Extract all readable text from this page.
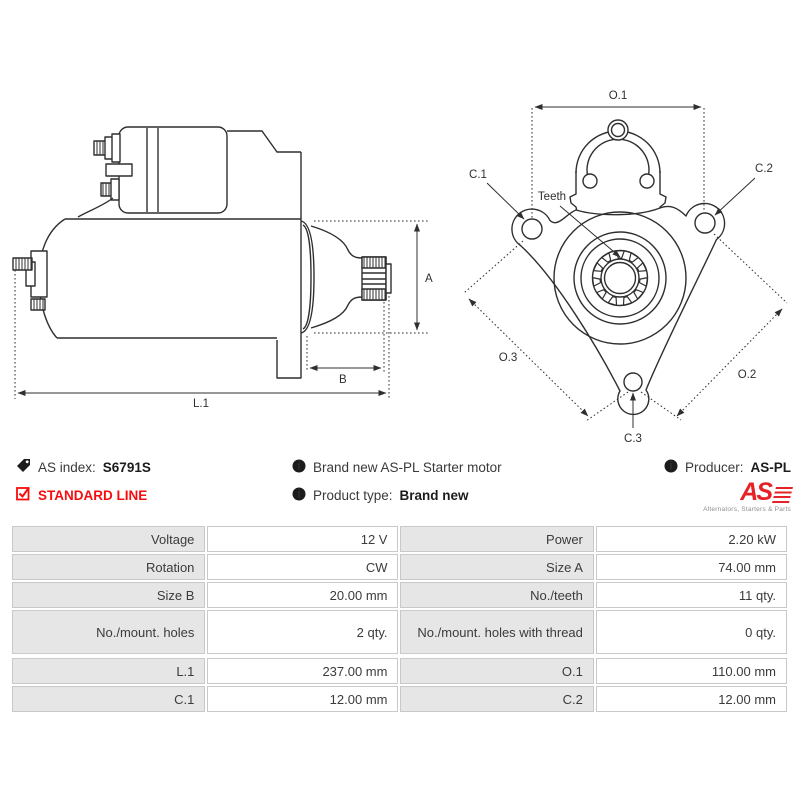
A
B
L.1
O.1
C.1	C.2
Teeth
O.3
O.2
C.3
AS index: S6791S
STANDARD LINE
i Brand new AS-PL Starter motor
i Product type: Brand new
i Producer: AS-PL
AS
Alternators, Starters & Parts
Voltage	12 V	Power	2.20 kW
Rotation	CW	Size A	74.00 mm
Size B	20.00 mm	No./teeth	11 qty.
No./mount. holes	2 qty.	No./mount. holes with thread	0 qty.
L.1	237.00 mm	O.1	110.00 mm
C.1	12.00 mm	C.2	12.00 mm
